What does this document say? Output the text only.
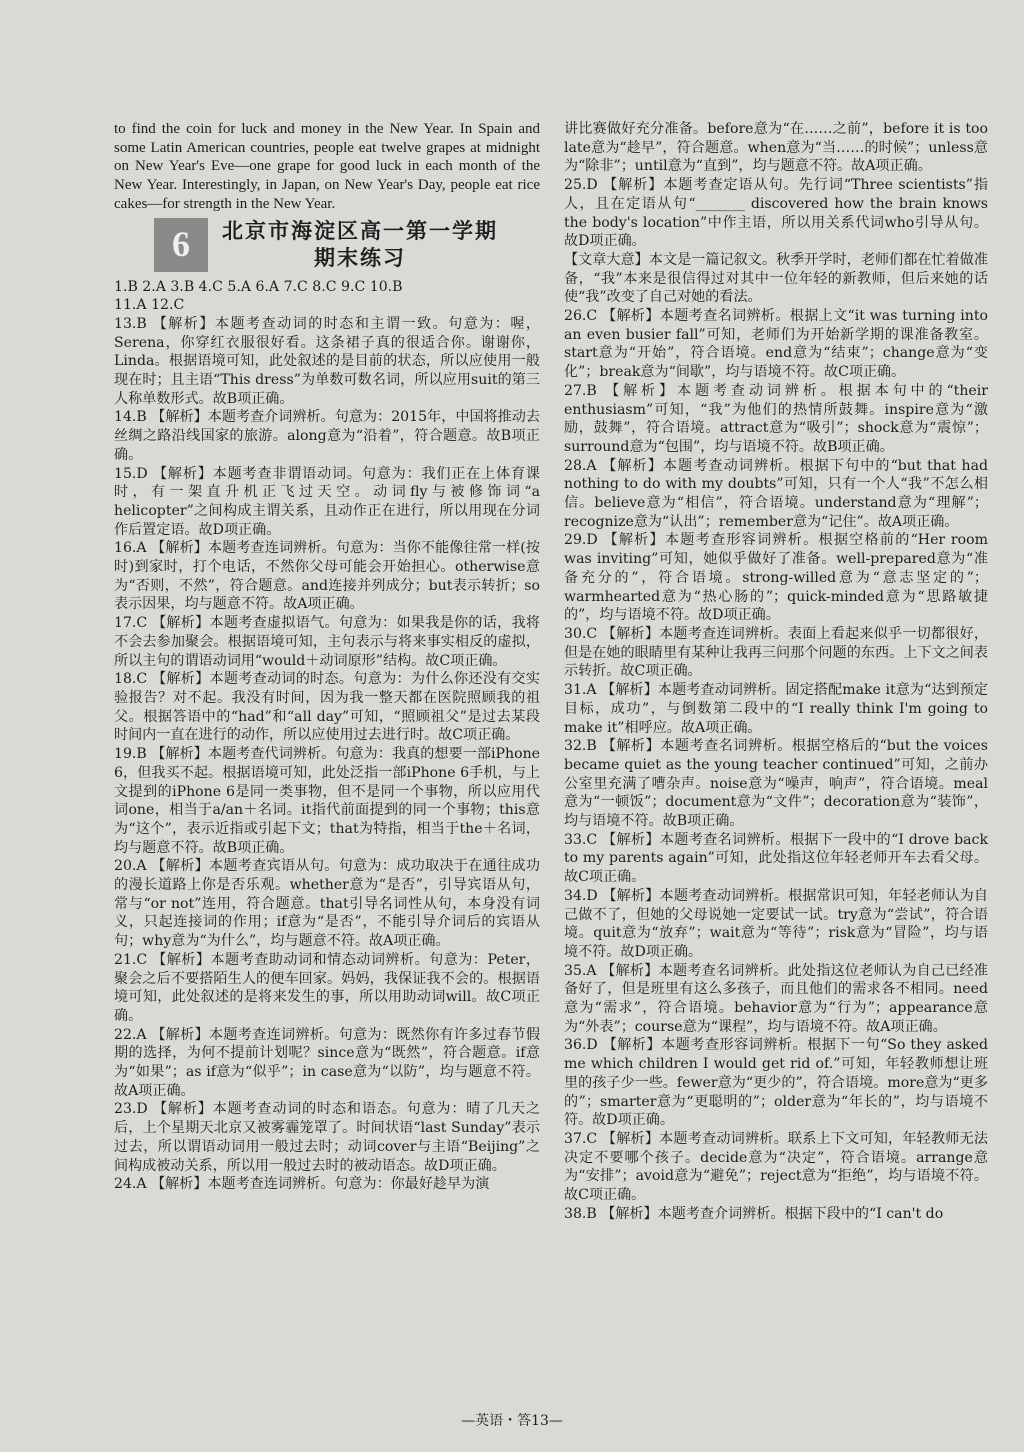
to find the coin for luck and money in the New Year. In Spain and some Latin American countries, people eat twelve grapes at midnight on New Year's Eve—one grape for good luck in each month of the New Year. Interestingly, in Japan, on New Year's Day, people eat rice cakes—for strength in the New Year.

6	北京市海淀区高一第一学期
期末练习

1.B 2.A 3.B 4.C 5.A 6.A 7.C 8.C 9.C 10.B

11.A 12.C

13.B 【解析】本题考查动词的时态和主谓一致。句意为：喔，Serena，你穿红衣服很好看。这条裙子真的很适合你。谢谢你，Linda。根据语境可知，此处叙述的是目前的状态，所以应使用一般现在时；且主语“This dress”为单数可数名词，所以应用suit的第三人称单数形式。故B项正确。

14.B 【解析】本题考查介词辨析。句意为：2015年，中国将推动去丝绸之路沿线国家的旅游。along意为“沿着”，符合题意。故B项正确。

15.D 【解析】本题考查非谓语动词。句意为：我们正在上体育课时，有一架直升机正飞过天空。动词fly与被修饰词“a helicopter”之间构成主谓关系，且动作正在进行，所以用现在分词作后置定语。故D项正确。

16.A 【解析】本题考查连词辨析。句意为：当你不能像往常一样(按时)到家时，打个电话，不然你父母可能会开始担心。otherwise意为“否则，不然”，符合题意。and连接并列成分；but表示转折；so表示因果，均与题意不符。故A项正确。

17.C 【解析】本题考查虚拟语气。句意为：如果我是你的话，我将不会去参加聚会。根据语境可知，主句表示与将来事实相反的虚拟，所以主句的谓语动词用“would＋动词原形”结构。故C项正确。

18.C 【解析】本题考查动词的时态。句意为：为什么你还没有交实验报告？对不起。我没有时间，因为我一整天都在医院照顾我的祖父。根据答语中的“had”和“all day”可知，“照顾祖父”是过去某段时间内一直在进行的动作，所以应使用过去进行时。故C项正确。

19.B 【解析】本题考查代词辨析。句意为：我真的想要一部iPhone 6，但我买不起。根据语境可知，此处泛指一部iPhone 6手机，与上文提到的iPhone 6是同一类事物，但不是同一个事物，所以应用代词one，相当于a/an＋名词。it指代前面提到的同一个事物；this意为“这个”，表示近指或引起下文；that为特指，相当于the＋名词，均与题意不符。故B项正确。

20.A 【解析】本题考查宾语从句。句意为：成功取决于在通往成功的漫长道路上你是否乐观。whether意为“是否”，引导宾语从句，常与“or not”连用，符合题意。that引导名词性从句，本身没有词义，只起连接词的作用；if意为“是否”，不能引导介词后的宾语从句；why意为“为什么”，均与题意不符。故A项正确。

21.C 【解析】本题考查助动词和情态动词辨析。句意为：Peter，聚会之后不要搭陌生人的便车回家。妈妈，我保证我不会的。根据语境可知，此处叙述的是将来发生的事，所以用助动词will。故C项正确。

22.A 【解析】本题考查连词辨析。句意为：既然你有许多过春节假期的选择，为何不提前计划呢？since意为“既然”，符合题意。if意为“如果”；as if意为“似乎”；in case意为“以防”，均与题意不符。故A项正确。

23.D 【解析】本题考查动词的时态和语态。句意为：晴了几天之后，上个星期天北京又被雾霾笼罩了。时间状语“last Sunday”表示过去，所以谓语动词用一般过去时；动词cover与主语“Beijing”之间构成被动关系，所以用一般过去时的被动语态。故D项正确。

24.A 【解析】本题考查连词辨析。句意为：你最好趁早为演

讲比赛做好充分准备。before意为“在……之前”，before it is too late意为“趁早”，符合题意。when意为“当……的时候”；unless意为“除非”；until意为“直到”，均与题意不符。故A项正确。

25.D 【解析】本题考查定语从句。先行词“Three scientists”指人，且在定语从句“_______ discovered how the brain knows the body's location”中作主语，所以用关系代词who引导从句。故D项正确。

【文章大意】本文是一篇记叙文。秋季开学时，老师们都在忙着做准备，“我”本来是很信得过对其中一位年轻的新教师，但后来她的话使“我”改变了自己对她的看法。

26.C 【解析】本题考查名词辨析。根据上文“it was turning into an even busier fall”可知，老师们为开始新学期的课准备教室。start意为“开始”，符合语境。end意为“结束”；change意为“变化”；break意为“间歇”，均与语境不符。故C项正确。

27.B 【解析】本题考查动词辨析。根据本句中的“their enthusiasm”可知，“我”为他们的热情所鼓舞。inspire意为“激励，鼓舞”，符合语境。attract意为“吸引”；shock意为“震惊”；surround意为“包围”，均与语境不符。故B项正确。

28.A 【解析】本题考查动词辨析。根据下句中的“but that had nothing to do with my doubts”可知，只有一个人“我”不怎么相信。believe意为“相信”，符合语境。understand意为“理解”；recognize意为“认出”；remember意为“记住”。故A项正确。

29.D 【解析】本题考查形容词辨析。根据空格前的“Her room was inviting”可知，她似乎做好了准备。well-prepared意为“准备充分的”，符合语境。strong-willed意为“意志坚定的”；warmhearted意为“热心肠的”；quick-minded意为“思路敏捷的”，均与语境不符。故D项正确。

30.C 【解析】本题考查连词辨析。表面上看起来似乎一切都很好，但是在她的眼睛里有某种让我再三问那个问题的东西。上下文之间表示转折。故C项正确。

31.A 【解析】本题考查动词辨析。固定搭配make it意为“达到预定目标，成功”，与倒数第二段中的“I really think I'm going to make it”相呼应。故A项正确。

32.B 【解析】本题考查名词辨析。根据空格后的“but the voices became quiet as the young teacher continued”可知，之前办公室里充满了嘈杂声。noise意为“噪声，响声”，符合语境。meal意为“一顿饭”；document意为“文件”；decoration意为“装饰”，均与语境不符。故B项正确。

33.C 【解析】本题考查名词辨析。根据下一段中的“I drove back to my parents again”可知，此处指这位年轻老师开车去看父母。故C项正确。

34.D 【解析】本题考查动词辨析。根据常识可知，年轻老师认为自己做不了，但她的父母说她一定要试一试。try意为“尝试”，符合语境。quit意为“放弃”；wait意为“等待”；risk意为“冒险”，均与语境不符。故D项正确。

35.A 【解析】本题考查名词辨析。此处指这位老师认为自己已经准备好了，但是班里有这么多孩子，而且他们的需求各不相同。need意为“需求”，符合语境。behavior意为“行为”；appearance意为“外表”；course意为“课程”，均与语境不符。故A项正确。

36.D 【解析】本题考查形容词辨析。根据下一句“So they asked me which children I would get rid of.”可知，年轻教师想让班里的孩子少一些。fewer意为“更少的”，符合语境。more意为“更多的”；smarter意为“更聪明的”；older意为“年长的”，均与语境不符。故D项正确。

37.C 【解析】本题考查动词辨析。联系上下文可知，年轻教师无法决定不要哪个孩子。decide意为“决定”，符合语境。arrange意为“安排”；avoid意为“避免”；reject意为“拒绝”，均与语境不符。故C项正确。

38.B 【解析】本题考查介词辨析。根据下段中的“I can't do

—英语・答13—
